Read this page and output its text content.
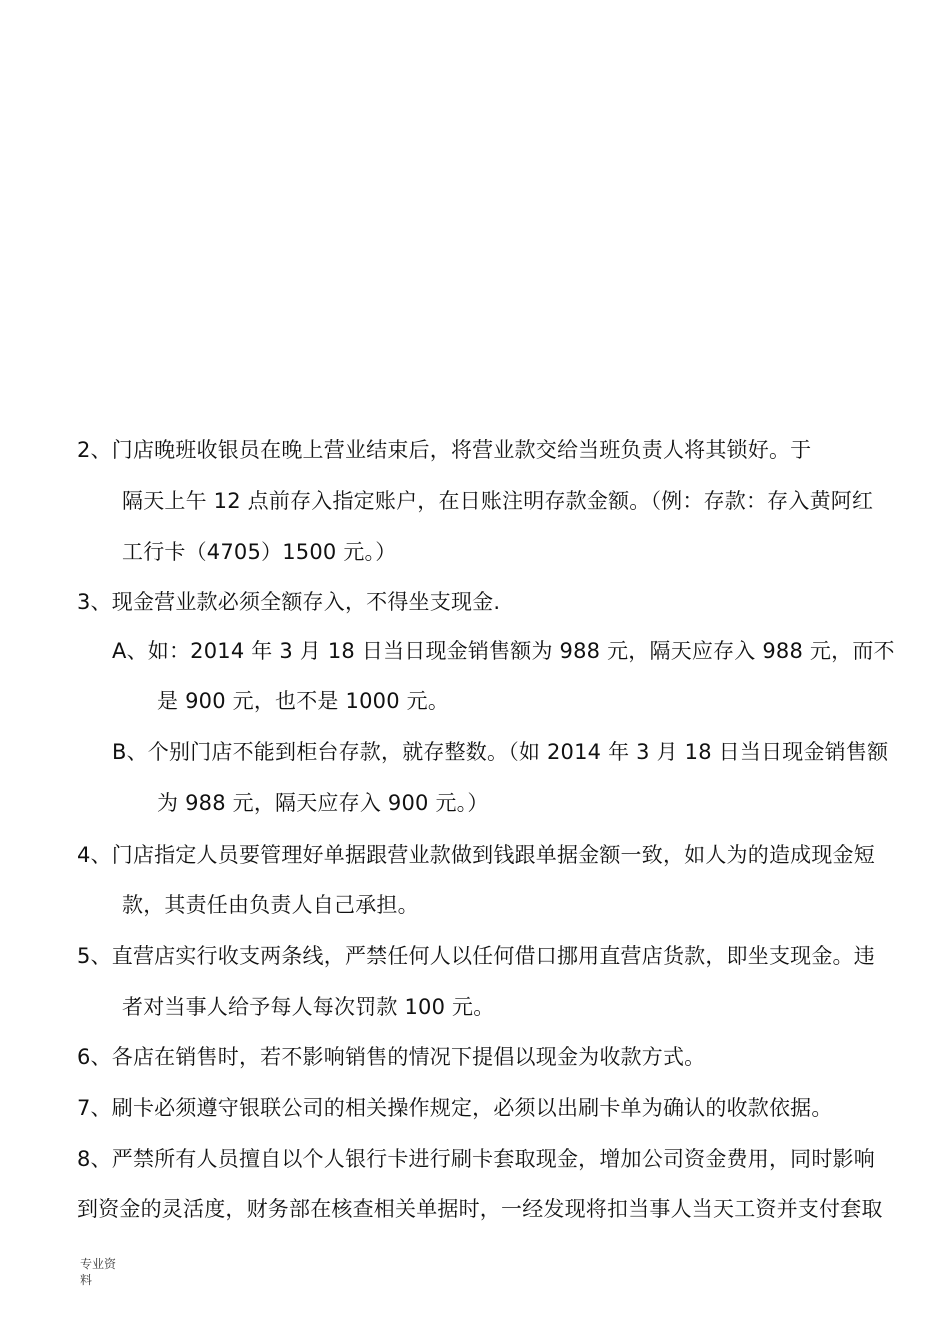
2、门店晚班收银员在晚上营业结束后，将营业款交给当班负责人将其锁好。于
隔天上午 12 点前存入指定账户，在日账注明存款金额。（例：存款：存入黄阿红
工行卡（4705）1500 元。）
3、现金营业款必须全额存入，不得坐支现金.
A、如：2014 年 3 月 18 日当日现金销售额为 988 元，隔天应存入 988 元，而不
是 900 元，也不是 1000 元。
B、个别门店不能到柜台存款，就存整数。（如 2014 年 3 月 18 日当日现金销售额
为 988 元，隔天应存入 900 元。）
4、门店指定人员要管理好单据跟营业款做到钱跟单据金额一致，如人为的造成现金短
款，其责任由负责人自己承担。
5、直营店实行收支两条线，严禁任何人以任何借口挪用直营店货款，即坐支现金。违
者对当事人给予每人每次罚款 100 元。
6、各店在销售时，若不影响销售的情况下提倡以现金为收款方式。
7、刷卡必须遵守银联公司的相关操作规定，必须以出刷卡单为确认的收款依据。
8、严禁所有人员擅自以个人银行卡进行刷卡套取现金，增加公司资金费用，同时影响
到资金的灵活度，财务部在核查相关单据时，一经发现将扣当事人当天工资并支付套取
专业资
料
